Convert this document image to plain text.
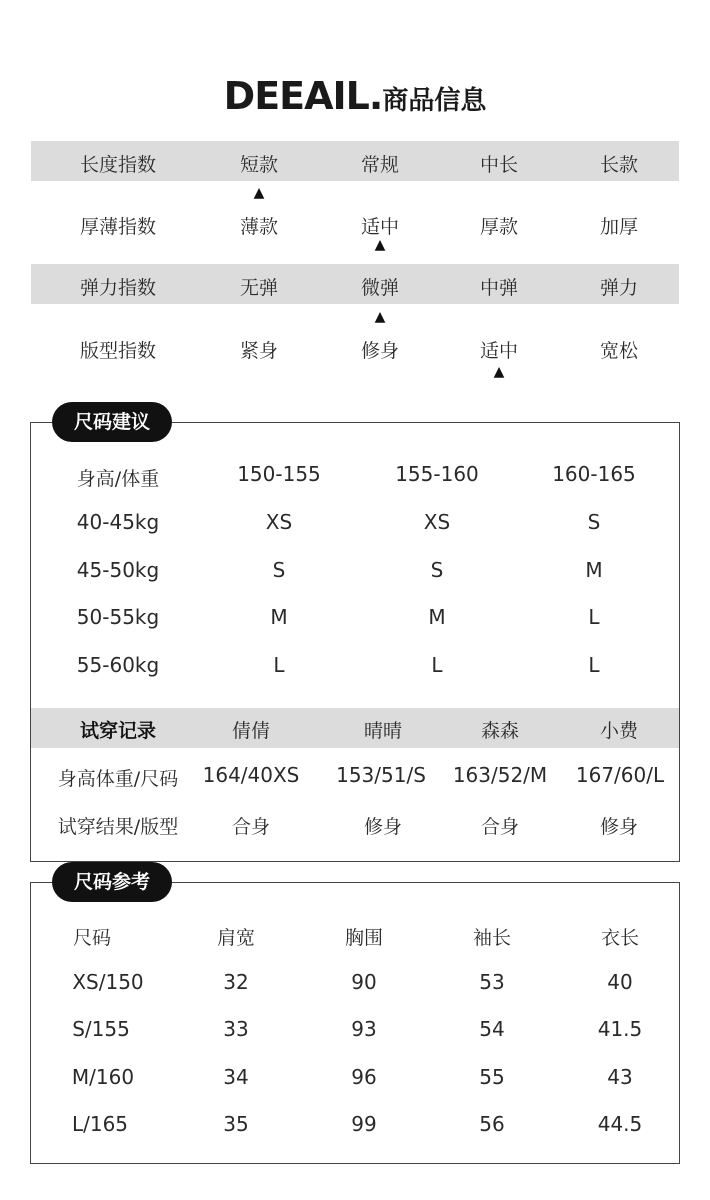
DEEAIL.商品信息
长度指数	短款	常规	中长	长款
▲
厚薄指数	薄款	适中	厚款	加厚
▲
弹力指数	无弹	微弹	中弹	弹力
▲
版型指数	紧身	修身	适中	宽松
▲
尺码建议
身高/体重	150-155	155-160	160-165
40-45kg	XS	XS	S
45-50kg	S	S	M
50-55kg	M	M	L
55-60kg	L	L	L
试穿记录	倩倩	晴晴	森森	小费
身高体重/尺码 164/40XS 153/51/S 163/52/M 167/60/L
试穿结果/版型	合身	修身	合身	修身
尺码参考
尺码	肩宽	胸围	袖长	衣长
XS/150	32	90	53	40
S/155	33	93	54	41.5
M/160	34	96	55	43
L/165	35	99	56	44.5
